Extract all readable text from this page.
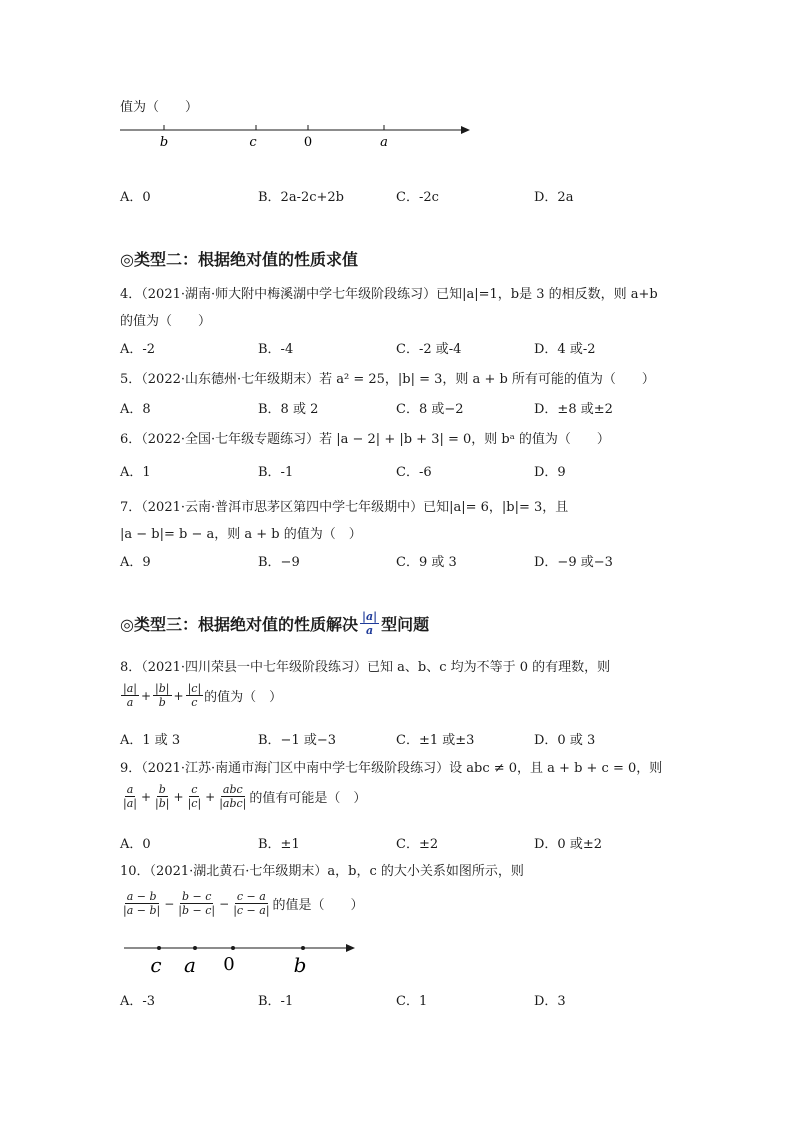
值为（　　）
b	c	0	a
A．0	B．2a-2c+2b	C．-2c	D．2a
◎类型二：根据绝对值的性质求值
4．（2021·湖南·师大附中梅溪湖中学七年级阶段练习）已知|a|=1，b是 3 的相反数，则 a+b
的值为（　　）
A．-2	B．-4	C．-2 或-4	D．4 或-2
5．（2022·山东德州·七年级期末）若 a² = 25，|b| = 3，则 a + b 所有可能的值为（　　）
A．8	B．8 或 2	C．8 或−2	D．±8 或±2
6．（2022·全国·七年级专题练习）若 |a − 2| + |b + 3| = 0，则 bᵃ 的值为（　　）
A．1	B．-1	C．-6	D．9
7．（2021·云南·普洱市思茅区第四中学七年级期中）已知|a|= 6，|b|= 3，且
|a − b|= b − a，则 a + b 的值为（　）
A．9	B．−9	C．9 或 3	D．−9 或−3
◎类型三：根据绝对值的性质解决 $\frac{|a|}{a}$ 型问题
8．（2021·四川荣县一中七年级阶段练习）已知 a、b、c 均为不等于 0 的有理数，则
$\frac{|a|}{a} + \frac{|b|}{b} + \frac{|c|}{c}$ 的值为（　）
A．1 或 3	B．−1 或−3	C．±1 或±3	D．0 或 3
9．（2021·江苏·南通市海门区中南中学七年级阶段练习）设 abc ≠ 0，且 a + b + c = 0，则
$\frac{a}{|a|} + \frac{b}{|b|} + \frac{c}{|c|} + \frac{\text{abc}}{\text{|abc|}}$ 的值有可能是（　）
A．0	B．±1	C．±2	D．0 或±2
10．（2021·湖北黄石·七年级期末）a，b，c 的大小关系如图所示，则
$\frac{a - b}{|a - b|} - \frac{b - c}{|b - c|} - \frac{c - a}{|c - a|}$ 的值是（　　）
c a 0	b
A．-3	B．-1	C．1	D．3
